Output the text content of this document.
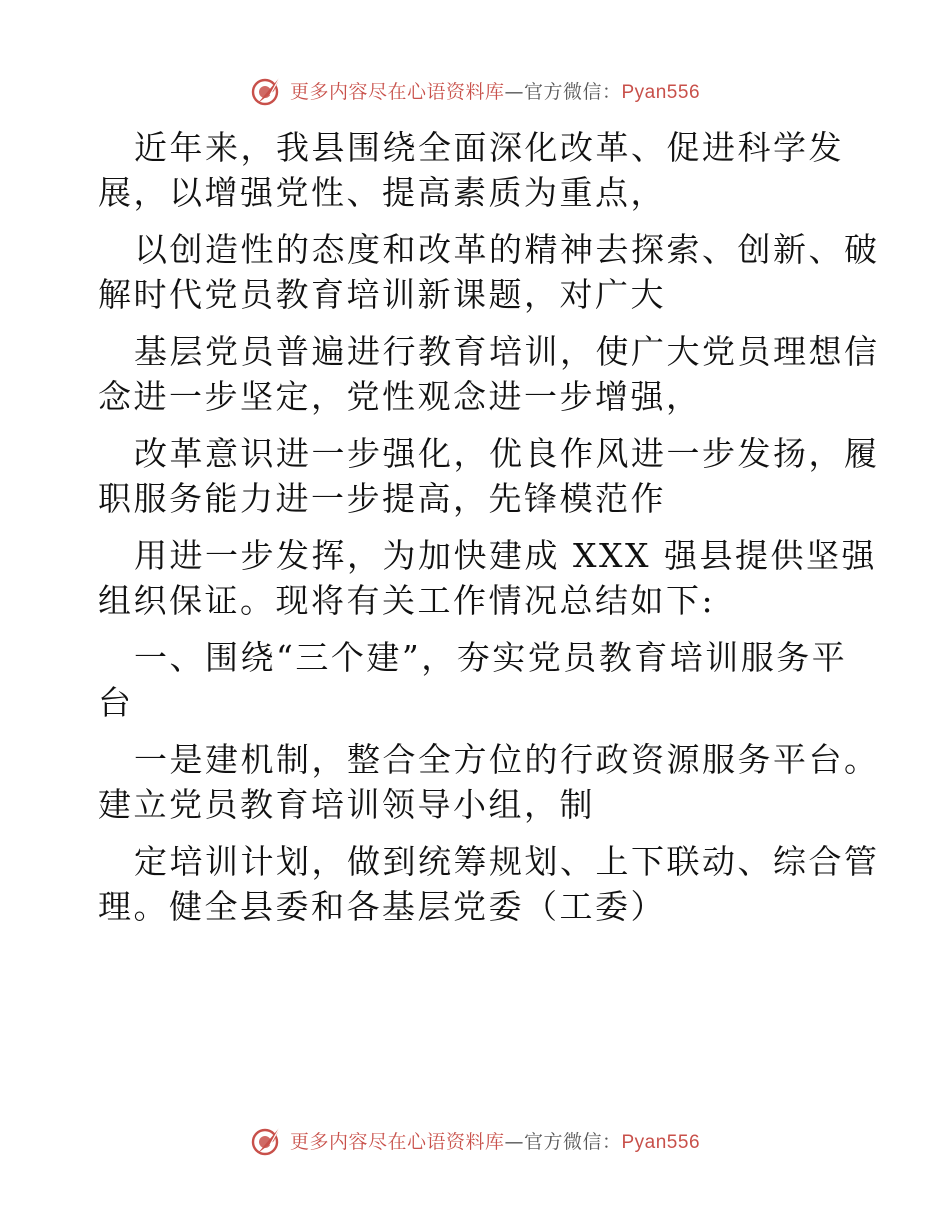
更多内容尽在心语资料库—官方微信：Pyan556
近年来，我县围绕全面深化改革、促进科学发
展，以增强党性、提高素质为重点，
以创造性的态度和改革的精神去探索、创新、破
解时代党员教育培训新课题，对广大
基层党员普遍进行教育培训，使广大党员理想信
念进一步坚定，党性观念进一步增强，
改革意识进一步强化，优良作风进一步发扬，履
职服务能力进一步提高，先锋模范作
用进一步发挥，为加快建成 XXX 强县提供坚强
组织保证。现将有关工作情况总结如下:
一、围绕“三个建”，夯实党员教育培训服务平
台
一是建机制，整合全方位的行政资源服务平台。
建立党员教育培训领导小组，制
定培训计划，做到统筹规划、上下联动、综合管
理。健全县委和各基层党委（工委）
更多内容尽在心语资料库—官方微信：Pyan556
